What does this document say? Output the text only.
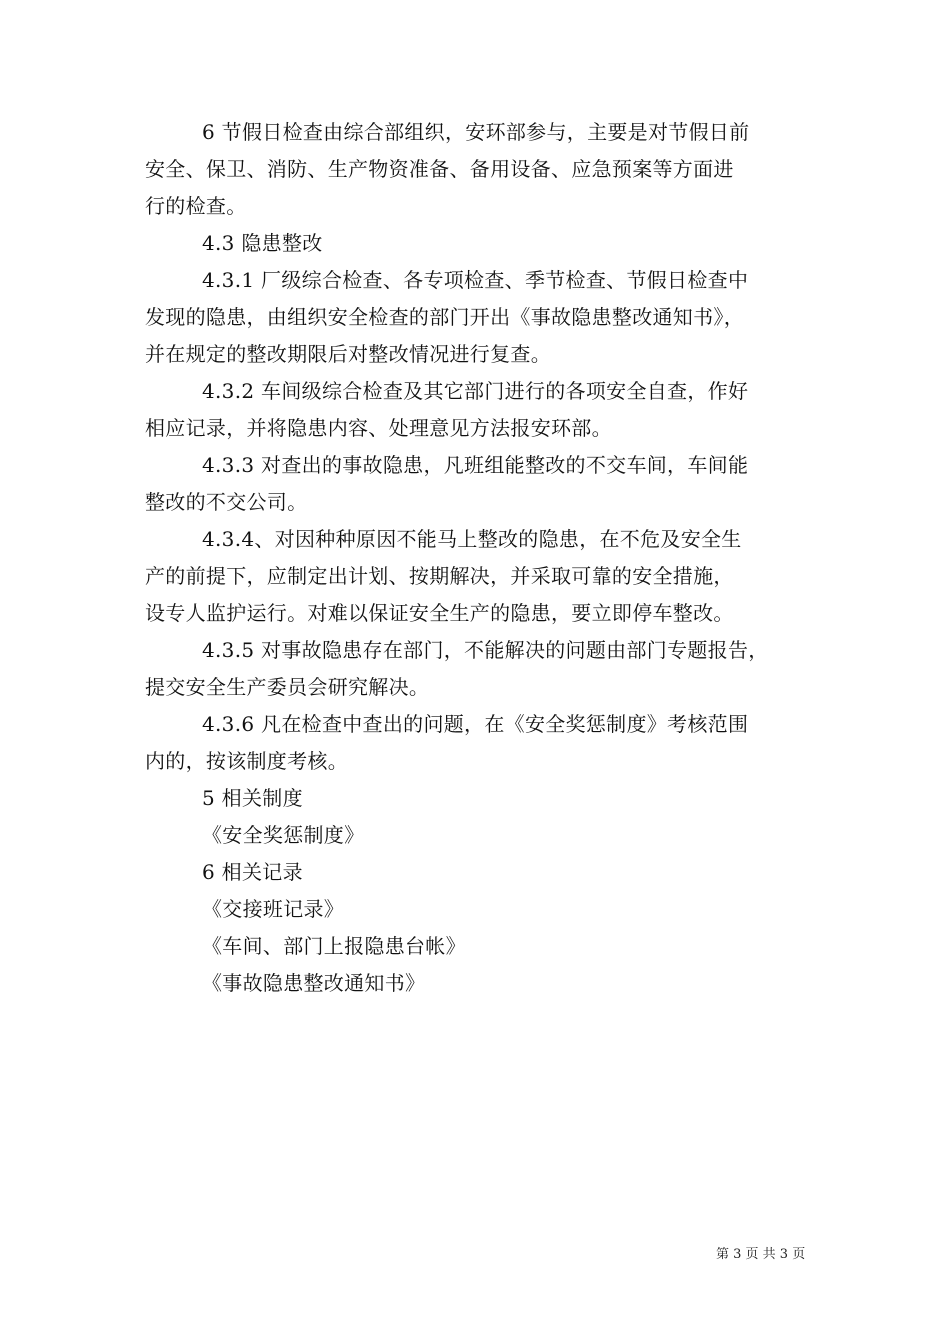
6 节假日检查由综合部组织，安环部参与，主要是对节假日前
安全、保卫、消防、生产物资准备、备用设备、应急预案等方面进
行的检查。
4.3 隐患整改
4.3.1 厂级综合检查、各专项检查、季节检查、节假日检查中
发现的隐患，由组织安全检查的部门开出《事故隐患整改通知书》，
并在规定的整改期限后对整改情况进行复查。
4.3.2 车间级综合检查及其它部门进行的各项安全自查，作好
相应记录，并将隐患内容、处理意见方法报安环部。
4.3.3 对查出的事故隐患，凡班组能整改的不交车间，车间能
整改的不交公司。
4.3.4、对因种种原因不能马上整改的隐患，在不危及安全生
产的前提下，应制定出计划、按期解决，并采取可靠的安全措施，
设专人监护运行。对难以保证安全生产的隐患，要立即停车整改。
4.3.5 对事故隐患存在部门，不能解决的问题由部门专题报告，
提交安全生产委员会研究解决。
4.3.6 凡在检查中查出的问题，在《安全奖惩制度》考核范围
内的，按该制度考核。
5 相关制度
《安全奖惩制度》
6 相关记录
《交接班记录》
《车间、部门上报隐患台帐》
《事故隐患整改通知书》
第 3 页 共 3 页
